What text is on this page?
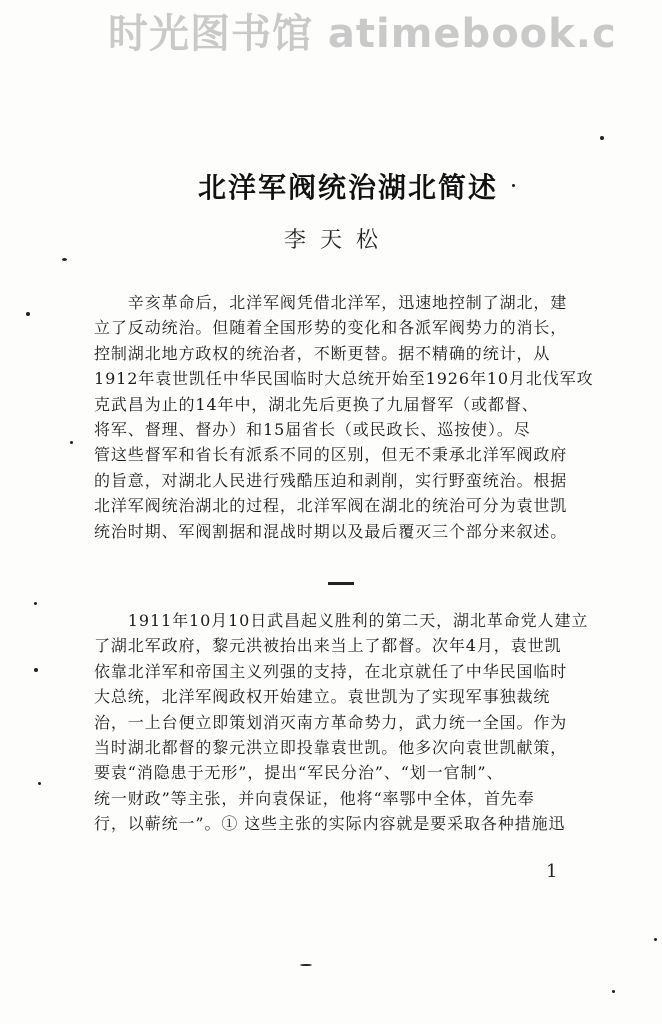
时光图书馆 atimebook.c
北洋军阀统治湖北简述
李天松
　　辛亥革命后，北洋军阀凭借北洋军，迅速地控制了湖北，建
立了反动统治。但随着全国形势的变化和各派军阀势力的消长，
控制湖北地方政权的统治者，不断更替。据不精确的统计，从
1912年袁世凯任中华民国临时大总统开始至1926年10月北伐军攻
克武昌为止的14年中，湖北先后更换了九届督军（或都督、
将军、督理、督办）和15届省长（或民政长、巡按使）。尽
管这些督军和省长有派系不同的区别，但无不秉承北洋军阀政府
的旨意，对湖北人民进行残酷压迫和剥削，实行野蛮统治。根据
北洋军阀统治湖北的过程，北洋军阀在湖北的统治可分为袁世凯
统治时期、军阀割据和混战时期以及最后覆灭三个部分来叙述。
　　1911年10月10日武昌起义胜利的第二天，湖北革命党人建立
了湖北军政府，黎元洪被抬出来当上了都督。次年4月，袁世凯
依靠北洋军和帝国主义列强的支持，在北京就任了中华民国临时
大总统，北洋军阀政权开始建立。袁世凯为了实现军事独裁统
治，一上台便立即策划消灭南方革命势力，武力统一全国。作为
当时湖北都督的黎元洪立即投靠袁世凯。他多次向袁世凯献策，
要袁“消隐患于无形”，提出“军民分治”、“划一官制”、
统一财政”等主张，并向袁保证，他将“率鄂中全体，首先奉
行，以蕲统一”。① 这些主张的实际内容就是要采取各种措施迅
1
